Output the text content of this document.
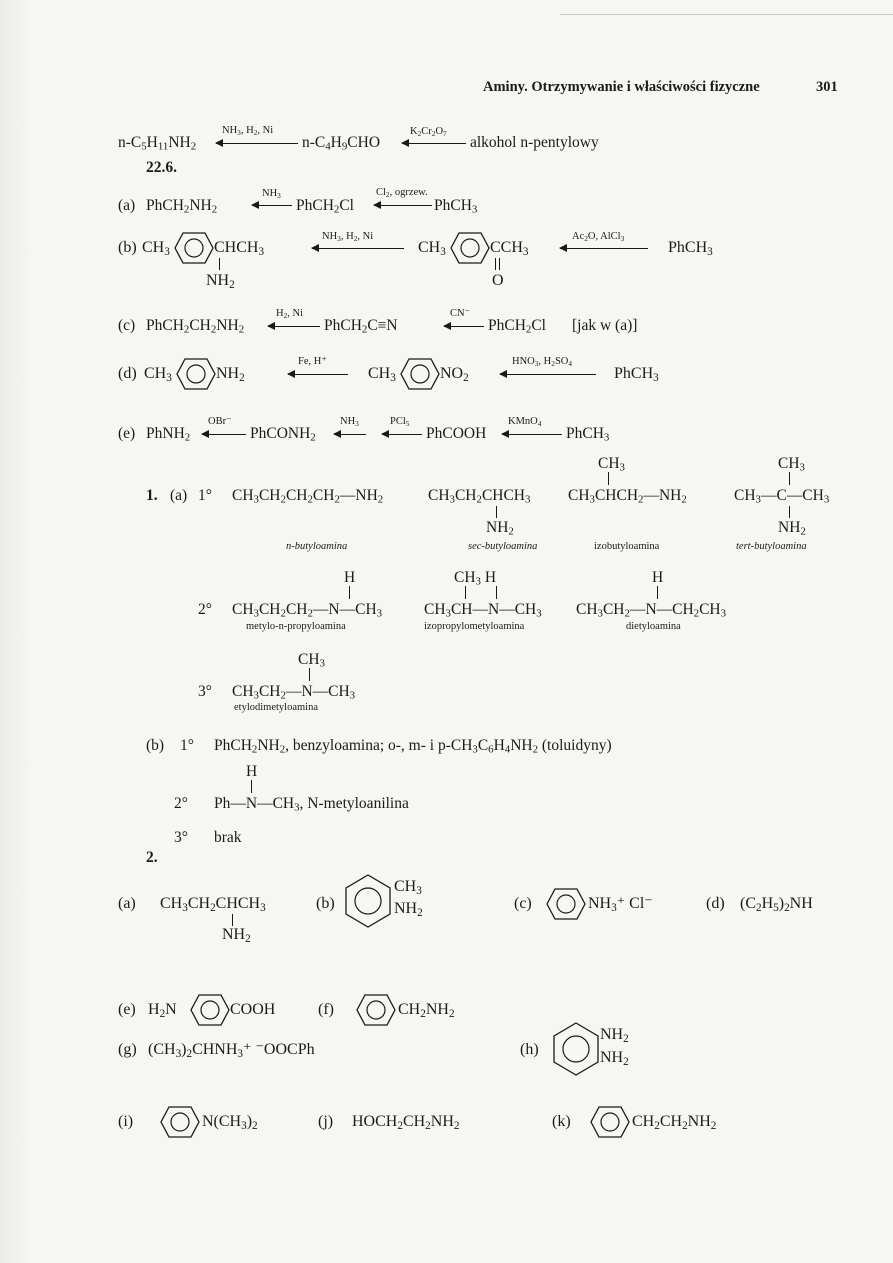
Aminy. Otrzymywanie i właściwości fizyczne	301
$n-C_5H_{11}NH_2$
$NH_3$, $H_2$, Ni
$n-C_4H_9CHO$
$K_2Cr_2O_7$
alkohol n-pentylowy
22.6.
(a) $PhCH_2NH_2$
$NH_3$
PhCH$_2$Cl
$Cl_2$, ogrzew.
PhCH$_3$
(b) $CH_3$	$CHCH_3$
$NH_2$
$NH_3$, $H_2$, Ni
$CH_3$	$CCH_3$
O
$Ac_2O$, AlCl$_3$
PhCH$_3$
(c) $PhCH_2CH_2NH_2$
$H_2$, Ni
PhCH$_2$C≡N
CN⁻
PhCH$_2$Cl [jak w (a)]
(d) $CH_3$	$NH_2$
Fe, H⁺
$CH_3$	$NO_2$
$HNO_3$, $H_2SO_4$
PhCH$_3$
(e) PhNH$_2$
OBr⁻
PhCONH$_2$
$NH_3$	PCl$_5$
PhCOOH
KMnO$_4$
PhCH$_3$
1. (a) 1° $CH_3CH_2CH_2CH_2—NH_2$
n-butyloamina
$CH_3CH_2CHCH_3$
$NH_2$
sec-butyloamina
$CH_3$
$CH_3CHCH_2—NH_2$
izobutyloamina
$CH_3$
$CH_3—C—CH_3$
$NH_2$
tert-butyloamina
H
2° $CH_3CH_2CH_2—N—CH_3$
metylo-n-propyloamina
$CH_3$ H
$CH_3CH—N—CH_3$
izopropylometyloamina
H
$CH_3CH_2—N—CH_2CH_3$
dietyloamina
$CH_3$
3° $CH_3CH_2—N—CH_3$
etylodimetyloamina
(b) 1° $PhCH_2NH_2$, benzyloamina; o-, m- i $p-CH_3C_6H_4NH_2$ (toluidyny)
H
2° $Ph—N—CH_3$, N-metyloanilina
3° brak
2.
(a) $CH_3CH_2CHCH_3$
$NH_2$
(b)
$CH_3$
$NH_2$
(c)	$NH_3^+$ Cl⁻	(d) $(C_2H_5)_2NH$
(e) $H_2N$	COOH	(f)	$CH_2NH_2$
(g) $(CH_3)_2CHNH_3^+$ ⁻OOCPh	(h)
$NH_2$
$NH_2$
(i)	$N(CH_3)_2$	(j) $HOCH_2CH_2NH_2$	(k)	$CH_2CH_2NH_2$
